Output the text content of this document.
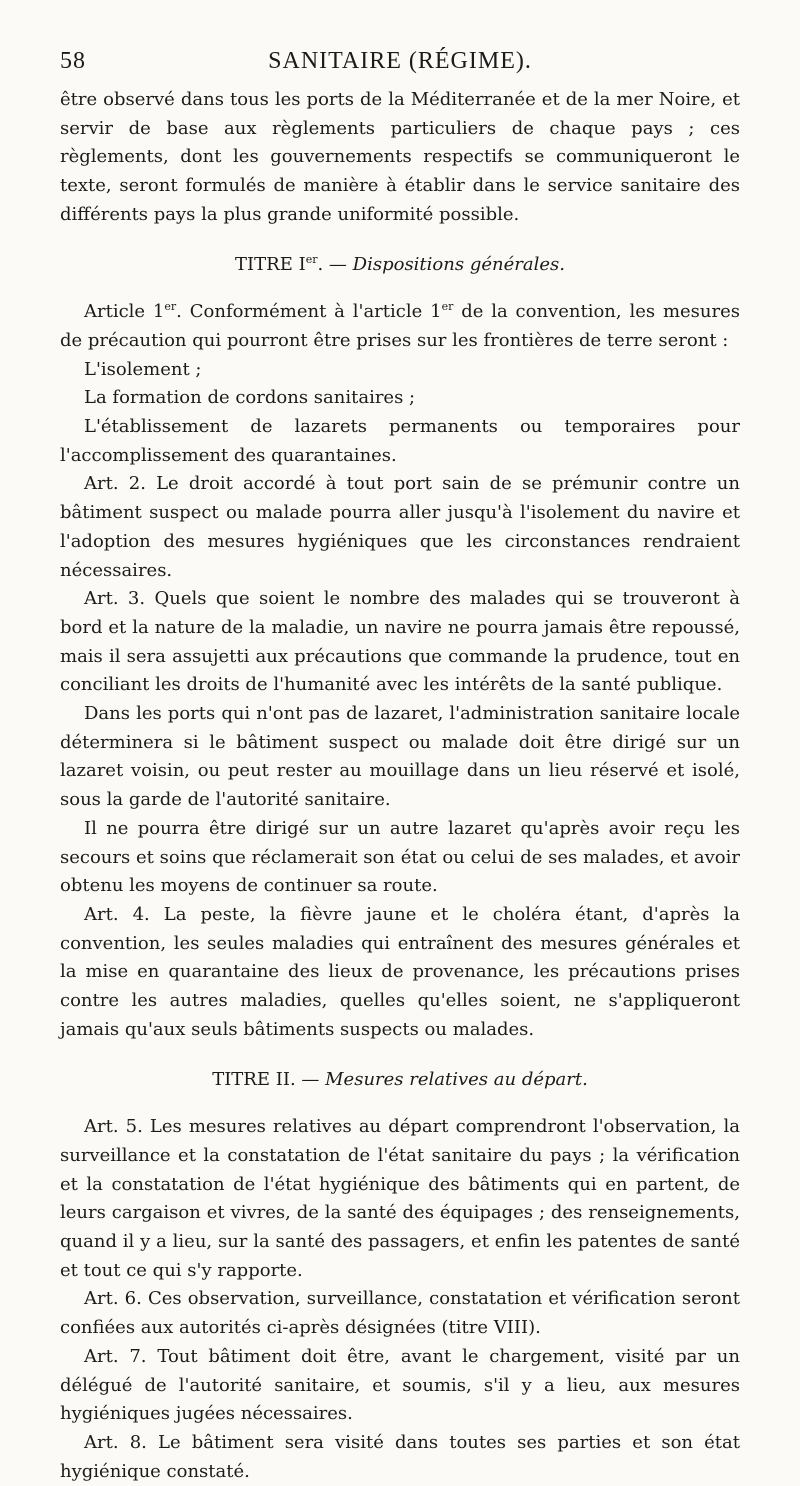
58	SANITAIRE (RÉGIME).

être observé dans tous les ports de la Méditerranée et de la mer Noire, et servir de base aux règlements particuliers de chaque pays ; ces règlements, dont les gouvernements respectifs se communiqueront le texte, seront formulés de manière à établir dans le service sanitaire des différents pays la plus grande uniformité possible.

TITRE Ier. — Dispositions générales.

Article 1er. Conformément à l'article 1er de la convention, les mesures de précaution qui pourront être prises sur les frontières de terre seront :

L'isolement ;

La formation de cordons sanitaires ;

L'établissement de lazarets permanents ou temporaires pour l'accomplissement des quarantaines.

Art. 2. Le droit accordé à tout port sain de se prémunir contre un bâtiment suspect ou malade pourra aller jusqu'à l'isolement du navire et l'adoption des mesures hygiéniques que les circonstances rendraient nécessaires.

Art. 3. Quels que soient le nombre des malades qui se trouveront à bord et la nature de la maladie, un navire ne pourra jamais être repoussé, mais il sera assujetti aux précautions que commande la prudence, tout en conciliant les droits de l'humanité avec les intérêts de la santé publique.

Dans les ports qui n'ont pas de lazaret, l'administration sanitaire locale déterminera si le bâtiment suspect ou malade doit être dirigé sur un lazaret voisin, ou peut rester au mouillage dans un lieu réservé et isolé, sous la garde de l'autorité sanitaire.

Il ne pourra être dirigé sur un autre lazaret qu'après avoir reçu les secours et soins que réclamerait son état ou celui de ses malades, et avoir obtenu les moyens de continuer sa route.

Art. 4. La peste, la fièvre jaune et le choléra étant, d'après la convention, les seules maladies qui entraînent des mesures générales et la mise en quarantaine des lieux de provenance, les précautions prises contre les autres maladies, quelles qu'elles soient, ne s'appliqueront jamais qu'aux seuls bâtiments suspects ou malades.

TITRE II. — Mesures relatives au départ.

Art. 5. Les mesures relatives au départ comprendront l'observation, la surveillance et la constatation de l'état sanitaire du pays ; la vérification et la constatation de l'état hygiénique des bâtiments qui en partent, de leurs cargaison et vivres, de la santé des équipages ; des renseignements, quand il y a lieu, sur la santé des passagers, et enfin les patentes de santé et tout ce qui s'y rapporte.

Art. 6. Ces observation, surveillance, constatation et vérification seront confiées aux autorités ci-après désignées (titre VIII).

Art. 7. Tout bâtiment doit être, avant le chargement, visité par un délégué de l'autorité sanitaire, et soumis, s'il y a lieu, aux mesures hygiéniques jugées nécessaires.

Art. 8. Le bâtiment sera visité dans toutes ses parties et son état hygiénique constaté.
